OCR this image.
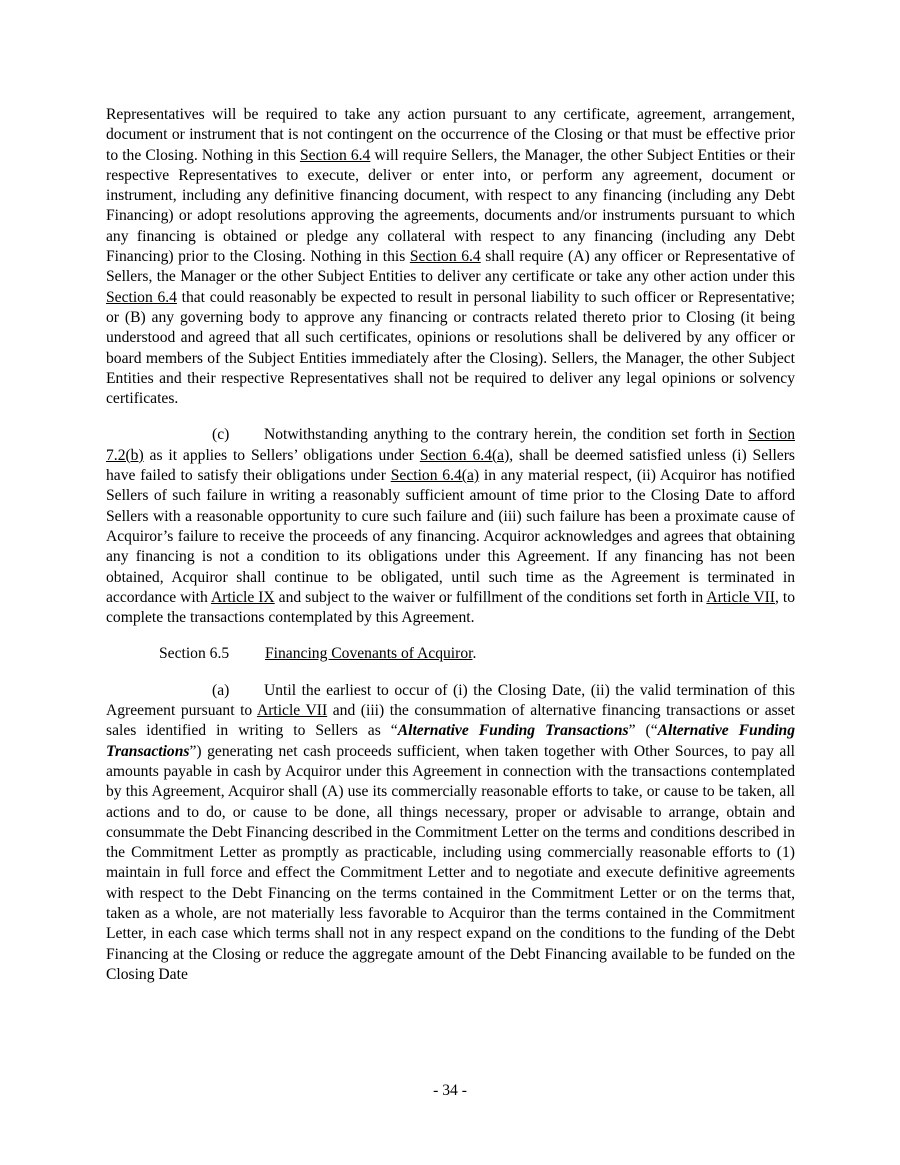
Representatives will be required to take any action pursuant to any certificate, agreement, arrangement, document or instrument that is not contingent on the occurrence of the Closing or that must be effective prior to the Closing. Nothing in this Section 6.4 will require Sellers, the Manager, the other Subject Entities or their respective Representatives to execute, deliver or enter into, or perform any agreement, document or instrument, including any definitive financing document, with respect to any financing (including any Debt Financing) or adopt resolutions approving the agreements, documents and/or instruments pursuant to which any financing is obtained or pledge any collateral with respect to any financing (including any Debt Financing) prior to the Closing. Nothing in this Section 6.4 shall require (A) any officer or Representative of Sellers, the Manager or the other Subject Entities to deliver any certificate or take any other action under this Section 6.4 that could reasonably be expected to result in personal liability to such officer or Representative; or (B) any governing body to approve any financing or contracts related thereto prior to Closing (it being understood and agreed that all such certificates, opinions or resolutions shall be delivered by any officer or board members of the Subject Entities immediately after the Closing). Sellers, the Manager, the other Subject Entities and their respective Representatives shall not be required to deliver any legal opinions or solvency certificates.

(c) Notwithstanding anything to the contrary herein, the condition set forth in Section 7.2(b) as it applies to Sellers’ obligations under Section 6.4(a), shall be deemed satisfied unless (i) Sellers have failed to satisfy their obligations under Section 6.4(a) in any material respect, (ii) Acquiror has notified Sellers of such failure in writing a reasonably sufficient amount of time prior to the Closing Date to afford Sellers with a reasonable opportunity to cure such failure and (iii) such failure has been a proximate cause of Acquiror’s failure to receive the proceeds of any financing. Acquiror acknowledges and agrees that obtaining any financing is not a condition to its obligations under this Agreement. If any financing has not been obtained, Acquiror shall continue to be obligated, until such time as the Agreement is terminated in accordance with Article IX and subject to the waiver or fulfillment of the conditions set forth in Article VII, to complete the transactions contemplated by this Agreement.

Section 6.5 Financing Covenants of Acquiror.

(a) Until the earliest to occur of (i) the Closing Date, (ii) the valid termination of this Agreement pursuant to Article VII and (iii) the consummation of alternative financing transactions or asset sales identified in writing to Sellers as “Alternative Funding Transactions” (“Alternative Funding Transactions”) generating net cash proceeds sufficient, when taken together with Other Sources, to pay all amounts payable in cash by Acquiror under this Agreement in connection with the transactions contemplated by this Agreement, Acquiror shall (A) use its commercially reasonable efforts to take, or cause to be taken, all actions and to do, or cause to be done, all things necessary, proper or advisable to arrange, obtain and consummate the Debt Financing described in the Commitment Letter on the terms and conditions described in the Commitment Letter as promptly as practicable, including using commercially reasonable efforts to (1) maintain in full force and effect the Commitment Letter and to negotiate and execute definitive agreements with respect to the Debt Financing on the terms contained in the Commitment Letter or on the terms that, taken as a whole, are not materially less favorable to Acquiror than the terms contained in the Commitment Letter, in each case which terms shall not in any respect expand on the conditions to the funding of the Debt Financing at the Closing or reduce the aggregate amount of the Debt Financing available to be funded on the Closing Date

- 34 -
